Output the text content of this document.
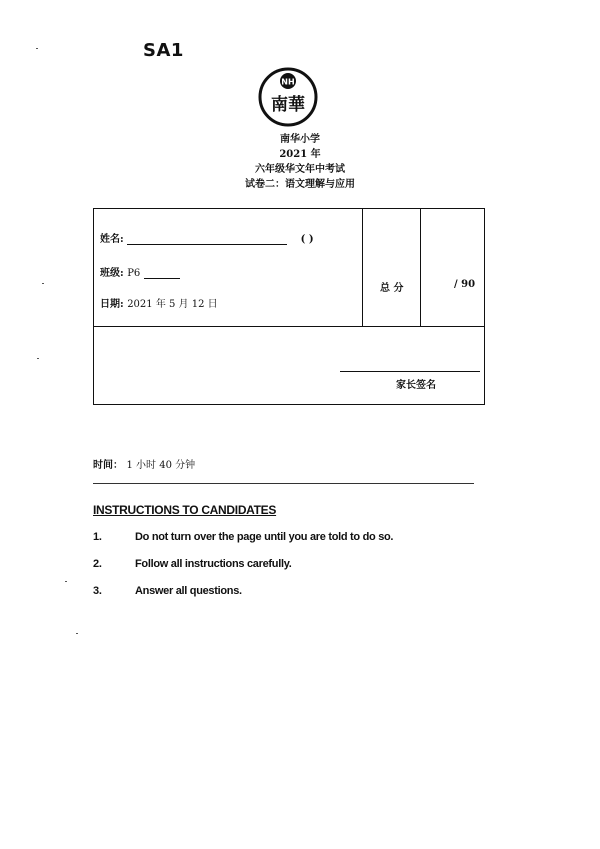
SA1
NH
南華
南华小学
2021 年
六年级华文年中考试
试卷二：语文理解与应用
姓名:	( )
班级: P6
日期: 2021 年 5 月 12 日
总 分	/ 90
家长签名
时间： 1 小时 40 分钟
INSTRUCTIONS TO CANDIDATES
1.	Do not turn over the page until you are told to do so.
2.	Follow all instructions carefully.
3.	Answer all questions.
